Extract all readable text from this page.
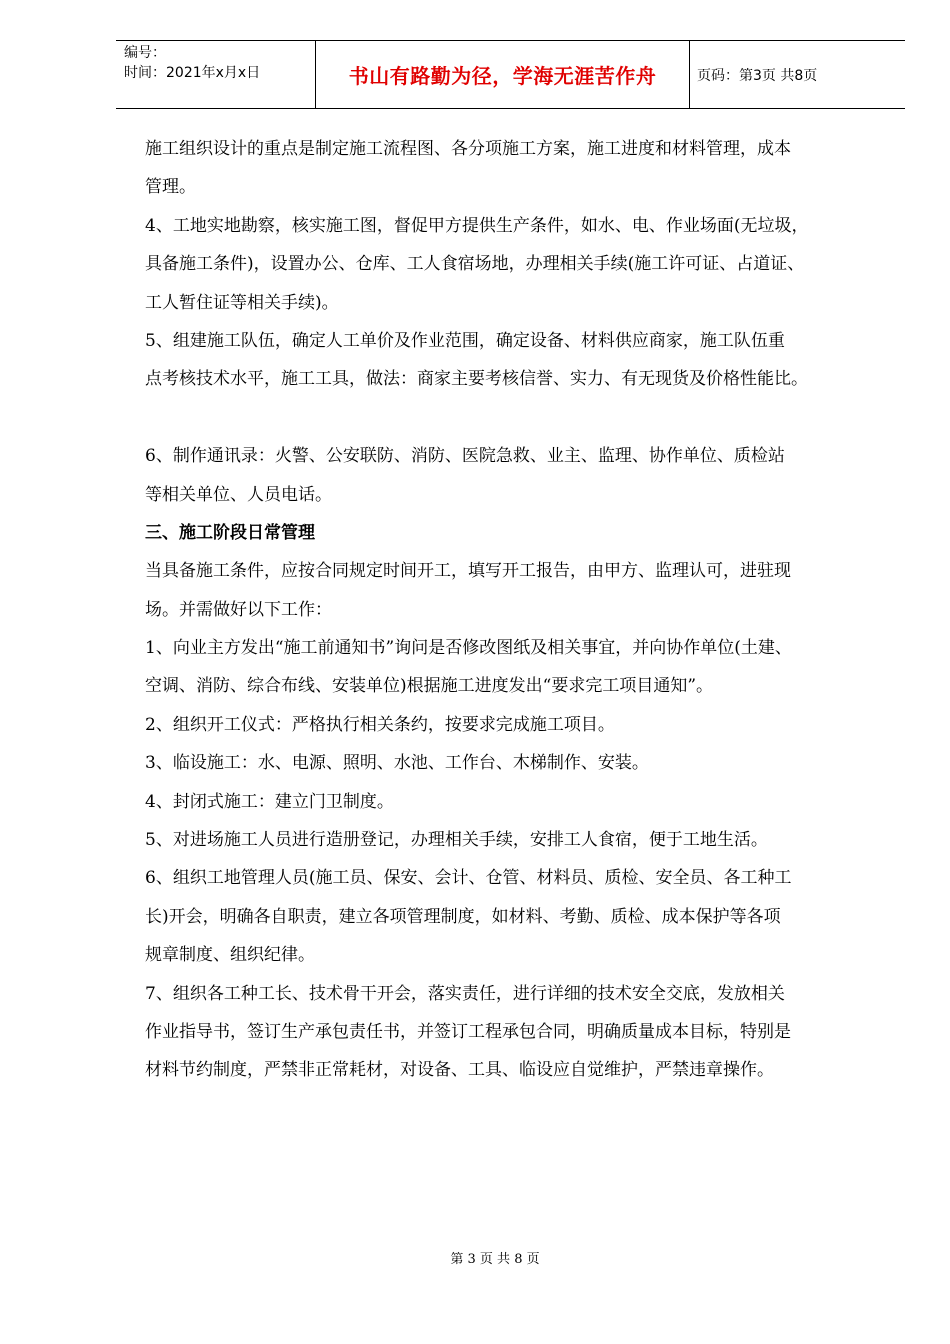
编号：
时间：2021年x月x日	书山有路勤为径，学海无涯苦作舟	页码：第3页 共8页
施工组织设计的重点是制定施工流程图、各分项施工方案，施工进度和材料管理，成本
管理。
4、工地实地勘察，核实施工图，督促甲方提供生产条件，如水、电、作业场面(无垃圾，
具备施工条件)，设置办公、仓库、工人食宿场地，办理相关手续(施工许可证、占道证、
工人暂住证等相关手续)。
5、组建施工队伍，确定人工单价及作业范围，确定设备、材料供应商家，施工队伍重
点考核技术水平，施工工具，做法：商家主要考核信誉、实力、有无现货及价格性能比。
6、制作通讯录：火警、公安联防、消防、医院急救、业主、监理、协作单位、质检站
等相关单位、人员电话。
三、施工阶段日常管理
当具备施工条件，应按合同规定时间开工，填写开工报告，由甲方、监理认可，进驻现
场。并需做好以下工作：
1、向业主方发出“施工前通知书”询问是否修改图纸及相关事宜，并向协作单位(土建、
空调、消防、综合布线、安装单位)根据施工进度发出“要求完工项目通知”。
2、组织开工仪式：严格执行相关条约，按要求完成施工项目。
3、临设施工：水、电源、照明、水池、工作台、木梯制作、安装。
4、封闭式施工：建立门卫制度。
5、对进场施工人员进行造册登记，办理相关手续，安排工人食宿，便于工地生活。
6、组织工地管理人员(施工员、保安、会计、仓管、材料员、质检、安全员、各工种工
长)开会，明确各自职责，建立各项管理制度，如材料、考勤、质检、成本保护等各项
规章制度、组织纪律。
7、组织各工种工长、技术骨干开会，落实责任，进行详细的技术安全交底，发放相关
作业指导书，签订生产承包责任书，并签订工程承包合同，明确质量成本目标，特别是
材料节约制度，严禁非正常耗材，对设备、工具、临设应自觉维护，严禁违章操作。
第 3 页 共 8 页
